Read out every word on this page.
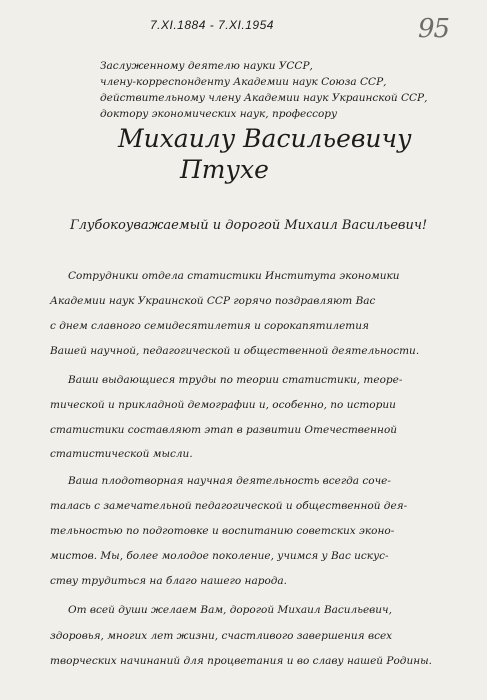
7.XI.1884 - 7.XI.1954	95
Заслуженному деятелю науки УССР,
члену-корреспонденту Академии наук Союза ССР,
действительному члену Академии наук Украинской ССР,
доктору экономических наук, профессору
Михаилу Васильевичу
Птухе
Глубокоуважаемый и дорогой Михаил Васильевич!
Сотрудники отдела статистики Института экономики
Академии наук Украинской ССР горячо поздравляют Вас
с днем славного семидесятилетия и сорокапятилетия
Вашей научной, педагогической и общественной деятельности.
Ваши выдающиеся труды по теории статистики, теоре-
тической и прикладной демографии и, особенно, по истории
статистики составляют этап в развитии Отечественной
статистической мысли.
Ваша плодотворная научная деятельность всегда соче-
талась с замечательной педагогической и общественной дея-
тельностью по подготовке и воспитанию советских эконо-
мистов. Мы, более молодое поколение, учимся у Вас искус-
ству трудиться на благо нашего народа.
От всей души желаем Вам, дорогой Михаил Васильевич,
здоровья, многих лет жизни, счастливого завершения всех
творческих начинаний для процветания и во славу нашей Родины.
